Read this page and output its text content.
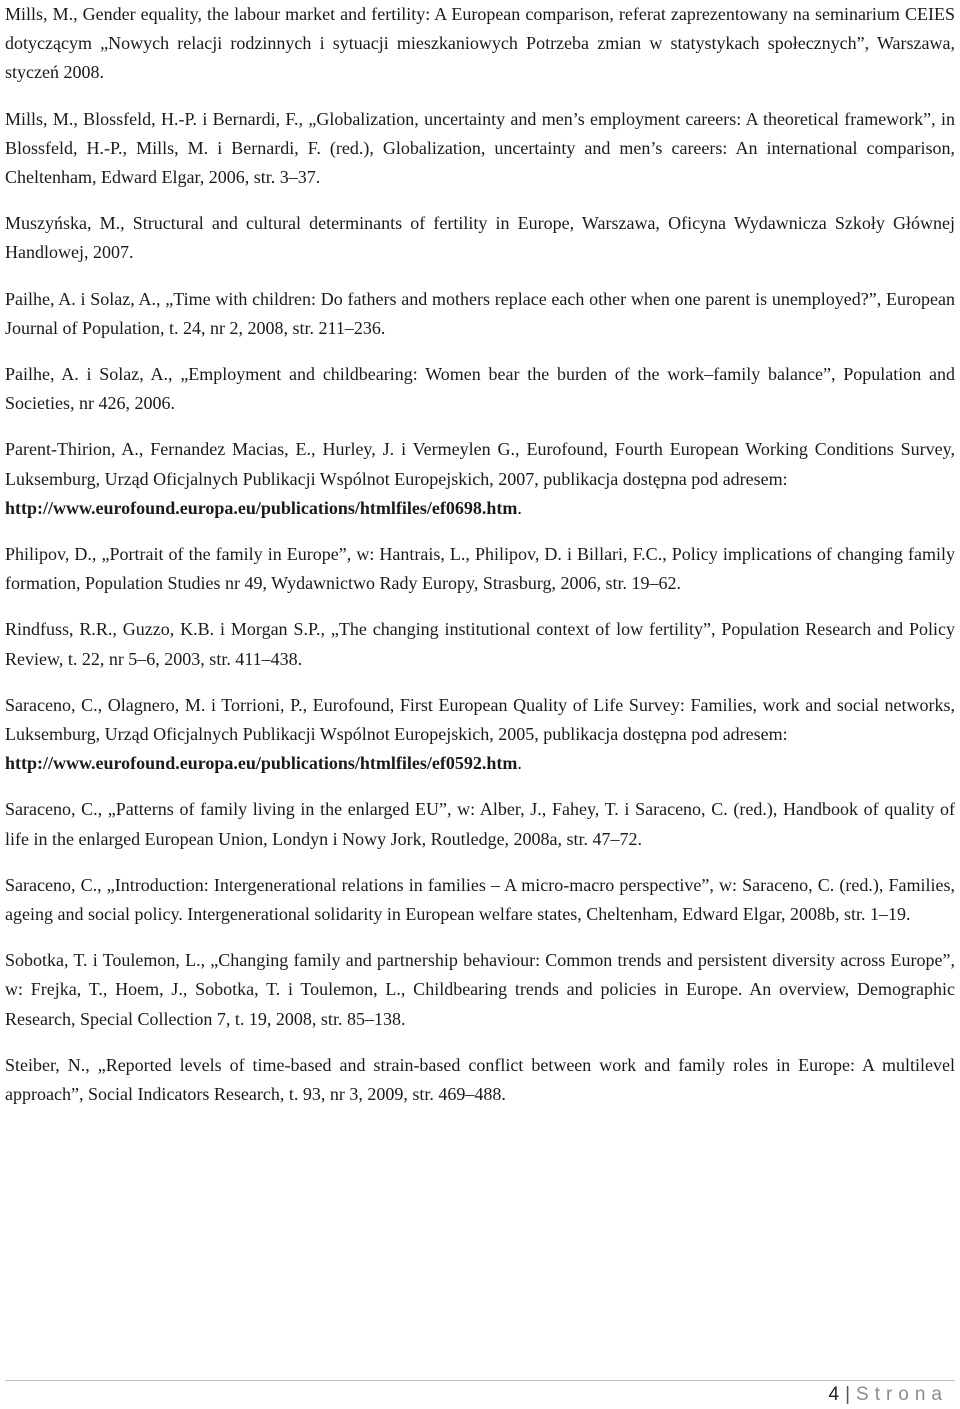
Mills, M., Gender equality, the labour market and fertility: A European comparison, referat zaprezentowany na seminarium CEIES dotyczącym „Nowych relacji rodzinnych i sytuacji mieszkaniowych Potrzeba zmian w statystykach społecznych”, Warszawa, styczeń 2008.

Mills, M., Blossfeld, H.-P. i Bernardi, F., „Globalization, uncertainty and men’s employment careers: A theoretical framework”, in Blossfeld, H.-P., Mills, M. i Bernardi, F. (red.), Globalization, uncertainty and men’s careers: An international comparison, Cheltenham, Edward Elgar, 2006, str. 3–37.

Muszyńska, M., Structural and cultural determinants of fertility in Europe, Warszawa, Oficyna Wydawnicza Szkoły Głównej Handlowej, 2007.

Pailhe, A. i Solaz, A., „Time with children: Do fathers and mothers replace each other when one parent is unemployed?”, European Journal of Population, t. 24, nr 2, 2008, str. 211–236.

Pailhe, A. i Solaz, A., „Employment and childbearing: Women bear the burden of the work–family balance”, Population and Societies, nr 426, 2006.

Parent-Thirion, A., Fernandez Macias, E., Hurley, J. i Vermeylen G., Eurofound, Fourth European Working Conditions Survey, Luksemburg, Urząd Oficjalnych Publikacji Wspólnot Europejskich, 2007, publikacja dostępna pod adresem:
http://www.eurofound.europa.eu/publications/htmlfiles/ef0698.htm.

Philipov, D., „Portrait of the family in Europe”, w: Hantrais, L., Philipov, D. i Billari, F.C., Policy implications of changing family formation, Population Studies nr 49, Wydawnictwo Rady Europy, Strasburg, 2006, str. 19–62.

Rindfuss, R.R., Guzzo, K.B. i Morgan S.P., „The changing institutional context of low fertility”, Population Research and Policy Review, t. 22, nr 5–6, 2003, str. 411–438.

Saraceno, C., Olagnero, M. i Torrioni, P., Eurofound, First European Quality of Life Survey: Families, work and social networks, Luksemburg, Urząd Oficjalnych Publikacji Wspólnot Europejskich, 2005, publikacja dostępna pod adresem:
http://www.eurofound.europa.eu/publications/htmlfiles/ef0592.htm.

Saraceno, C., „Patterns of family living in the enlarged EU”, w: Alber, J., Fahey, T. i Saraceno, C. (red.), Handbook of quality of life in the enlarged European Union, Londyn i Nowy Jork, Routledge, 2008a, str. 47–72.

Saraceno, C., „Introduction: Intergenerational relations in families – A micro-macro perspective”, w: Saraceno, C. (red.), Families, ageing and social policy. Intergenerational solidarity in European welfare states, Cheltenham, Edward Elgar, 2008b, str. 1–19.

Sobotka, T. i Toulemon, L., „Changing family and partnership behaviour: Common trends and persistent diversity across Europe”, w: Frejka, T., Hoem, J., Sobotka, T. i Toulemon, L., Childbearing trends and policies in Europe. An overview, Demographic Research, Special Collection 7, t. 19, 2008, str. 85–138.

Steiber, N., „Reported levels of time-based and strain-based conflict between work and family roles in Europe: A multilevel approach”, Social Indicators Research, t. 93, nr 3, 2009, str. 469–488.

4 | Strona
